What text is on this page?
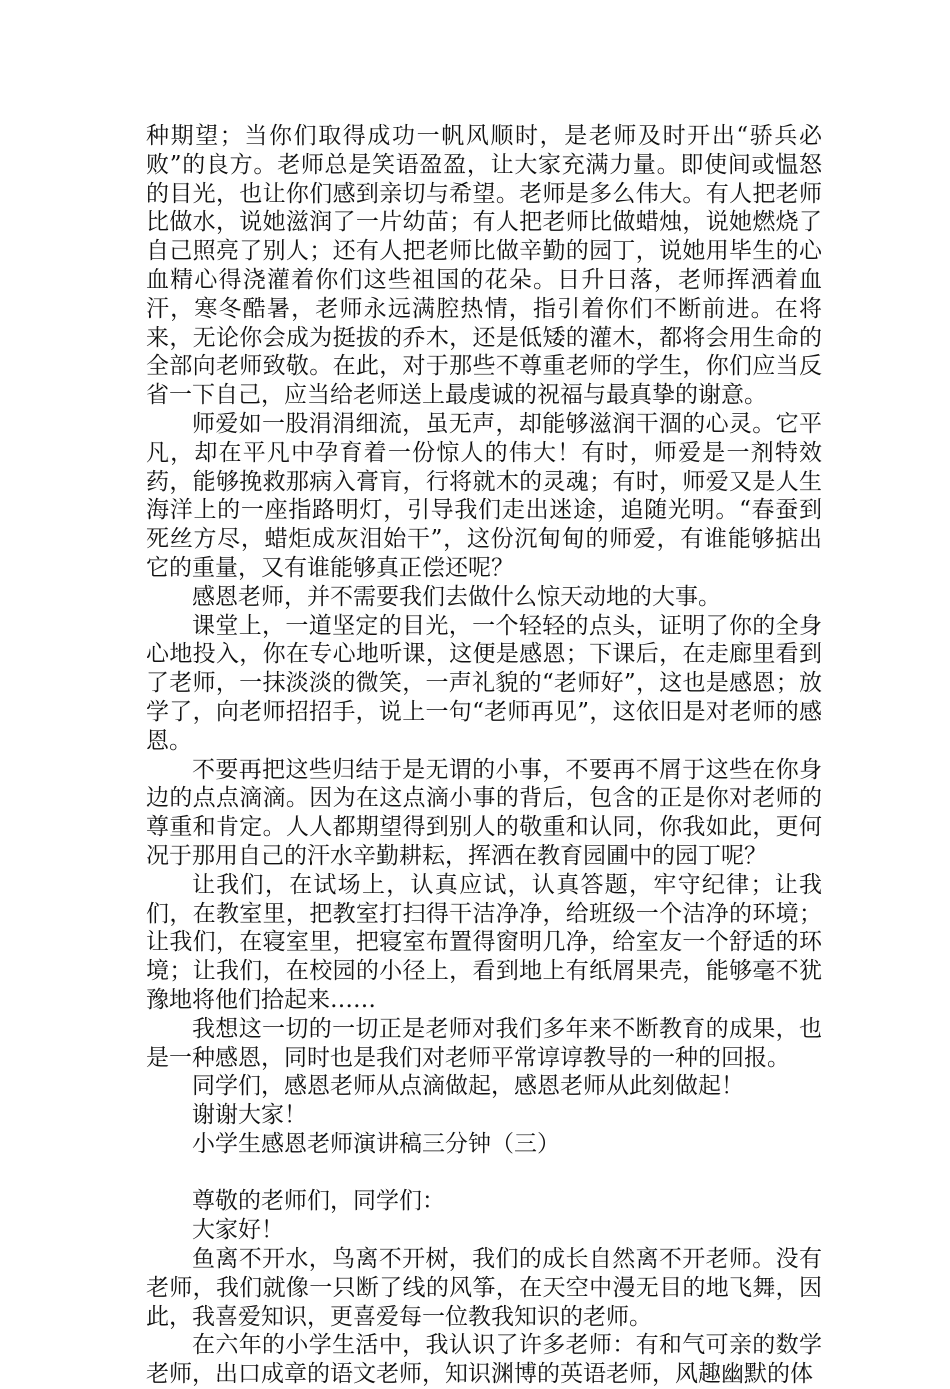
种期望；当你们取得成功一帆风顺时，是老师及时开出“骄兵必败”的良方。老师总是笑语盈盈，让大家充满力量。即使间或愠怒的目光，也让你们感到亲切与希望。老师是多么伟大。有人把老师比做水，说她滋润了一片幼苗；有人把老师比做蜡烛，说她燃烧了自己照亮了别人；还有人把老师比做辛勤的园丁，说她用毕生的心血精心得浇灌着你们这些祖国的花朵。日升日落，老师挥洒着血汗，寒冬酷暑，老师永远满腔热情，指引着你们不断前进。在将来，无论你会成为挺拔的乔木，还是低矮的灌木，都将会用生命的全部向老师致敬。在此，对于那些不尊重老师的学生，你们应当反省一下自己，应当给老师送上最虔诚的祝福与最真挚的谢意。

师爱如一股涓涓细流，虽无声，却能够滋润干涸的心灵。它平凡，却在平凡中孕育着一份惊人的伟大！有时，师爱是一剂特效药，能够挽救那病入膏肓，行将就木的灵魂；有时，师爱又是人生海洋上的一座指路明灯，引导我们走出迷途，追随光明。“春蚕到死丝方尽，蜡炬成灰泪始干”，这份沉甸甸的师爱，有谁能够掂出它的重量，又有谁能够真正偿还呢？

感恩老师，并不需要我们去做什么惊天动地的大事。

课堂上，一道坚定的目光，一个轻轻的点头，证明了你的全身心地投入，你在专心地听课，这便是感恩；下课后，在走廊里看到了老师，一抹淡淡的微笑，一声礼貌的“老师好”，这也是感恩；放学了，向老师招招手，说上一句“老师再见”，这依旧是对老师的感恩。

不要再把这些归结于是无谓的小事，不要再不屑于这些在你身边的点点滴滴。因为在这点滴小事的背后，包含的正是你对老师的尊重和肯定。人人都期望得到别人的敬重和认同，你我如此，更何况于那用自己的汗水辛勤耕耘，挥洒在教育园圃中的园丁呢？

让我们，在试场上，认真应试，认真答题，牢守纪律；让我们，在教室里，把教室打扫得干洁净净，给班级一个洁净的环境；让我们，在寝室里，把寝室布置得窗明几净，给室友一个舒适的环境；让我们，在校园的小径上，看到地上有纸屑果壳，能够毫不犹豫地将他们拾起来……

我想这一切的一切正是老师对我们多年来不断教育的成果，也是一种感恩，同时也是我们对老师平常谆谆教导的一种的回报。

同学们，感恩老师从点滴做起，感恩老师从此刻做起！

谢谢大家！

小学生感恩老师演讲稿三分钟（三）

尊敬的老师们，同学们：

大家好！

鱼离不开水，鸟离不开树，我们的成长自然离不开老师。没有老师，我们就像一只断了线的风筝，在天空中漫无目的地飞舞，因此，我喜爱知识，更喜爱每一位教我知识的老师。

在六年的小学生活中，我认识了许多老师：有和气可亲的数学老师，出口成章的语文老师，知识渊博的英语老师，风趣幽默的体
